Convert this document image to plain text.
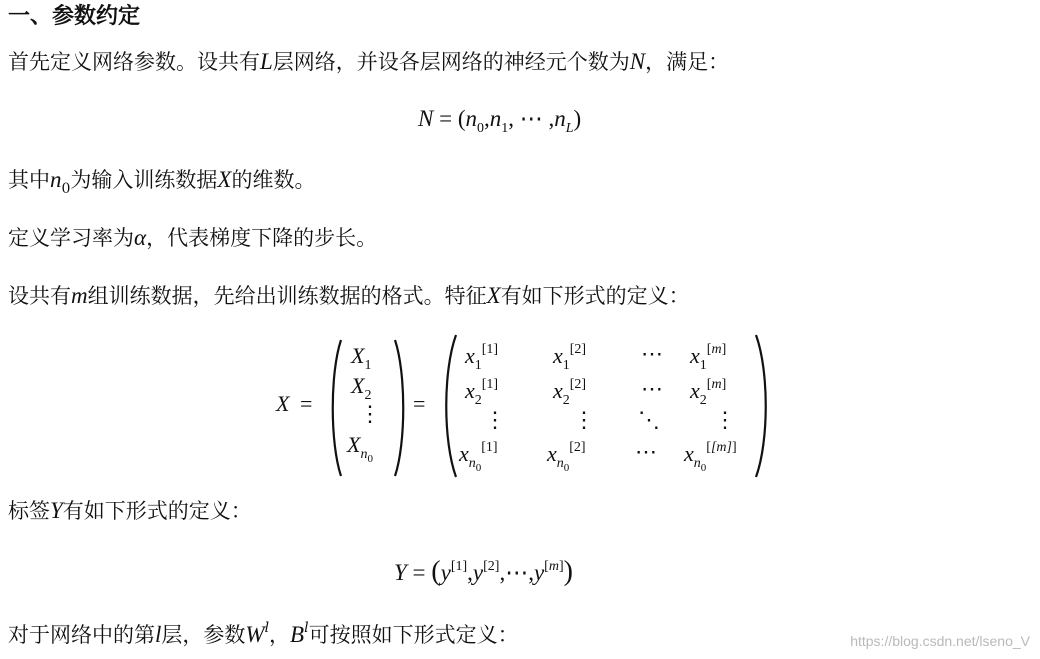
一、参数约定
首先定义网络参数。设共有L层网络，并设各层网络的神经元个数为N，满足：
$N = (n_0,n_1$, ⋯ $,n_L$)
其中$n_0$为输入训练数据X的维数。
定义学习率为α，代表梯度下降的步长。
设共有m组训练数据，先给出训练数据的格式。特征X有如下形式的定义：
X =
$X_1$
$X_2$
⋮
$X_{n_0}$
=
$x_1[1]$ $x_1[2]$ ⋯ $x_1[m]$
$x_2[1]$ $x_2[2]$ ⋯ $x_2[m]$
⋮	⋮ ⋱ ⋮
$x_{n_0}[1]$ $x_{n_0}[2]$ ⋯ $x_{n_0}[[m]]$
标签Y有如下形式的定义：
Y = (y[1],y[2],⋯,y[m])
对于网络中的第l层，参数$W^l$，$B^l$可按照如下形式定义：	https://blog.csdn.net/lseno_V
